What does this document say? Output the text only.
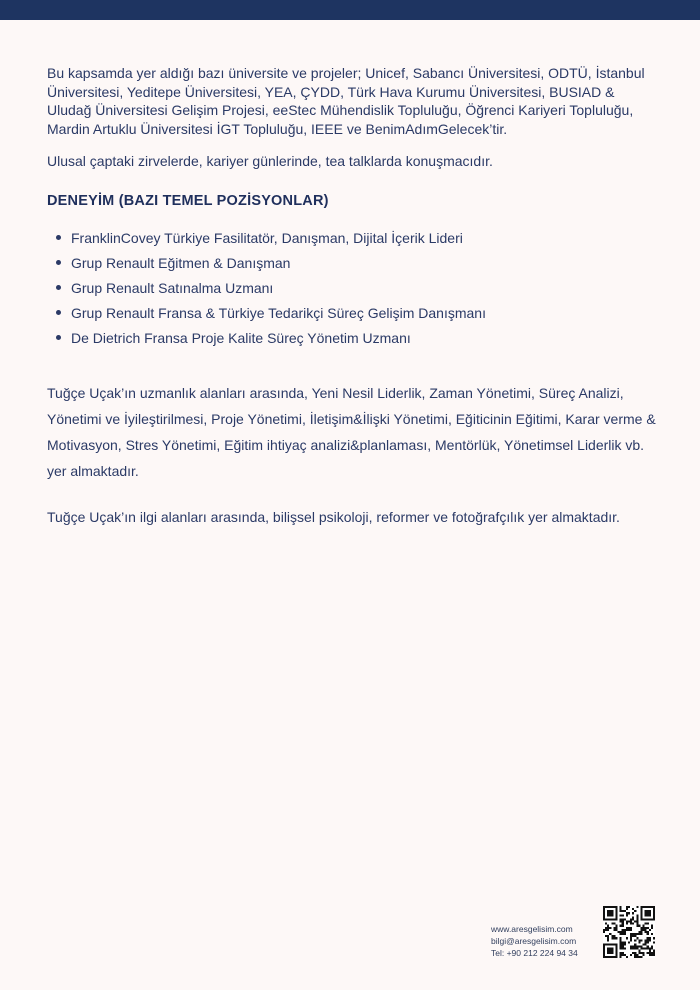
Bu kapsamda yer aldığı bazı üniversite ve projeler; Unicef, Sabancı Üniversitesi, ODTÜ, İstanbul Üniversitesi, Yeditepe Üniversitesi, YEA, ÇYDD, Türk Hava Kurumu Üniversitesi, BUSIAD & Uludağ Üniversitesi Gelişim Projesi, eeStec Mühendislik Topluluğu, Öğrenci Kariyeri Topluluğu, Mardin Artuklu Üniversitesi İGT Topluluğu, IEEE ve BenimAdımGelecek’tir.

Ulusal çaptaki zirvelerde, kariyer günlerinde, tea talklarda konuşmacıdır.

DENEYİM (BAZI TEMEL POZİSYONLAR)
FranklinCovey Türkiye Fasilitatör, Danışman, Dijital İçerik Lideri
Grup Renault Eğitmen & Danışman
Grup Renault Satınalma Uzmanı
Grup Renault Fransa & Türkiye Tedarikçi Süreç Gelişim Danışmanı
De Dietrich Fransa Proje Kalite Süreç Yönetim Uzmanı

Tuğçe Uçak’ın uzmanlık alanları arasında, Yeni Nesil Liderlik, Zaman Yönetimi, Süreç Analizi, Yönetimi ve İyileştirilmesi, Proje Yönetimi, İletişim&İlişki Yönetimi, Eğiticinin Eğitimi, Karar verme & Motivasyon, Stres Yönetimi, Eğitim ihtiyaç analizi&planlaması, Mentörlük, Yönetimsel Liderlik vb. yer almaktadır.

Tuğçe Uçak’ın ilgi alanları arasında, bilişsel psikoloji, reformer ve fotoğrafçılık yer almaktadır.

www.aresgelisim.com
bilgi@aresgelisim.com
Tel: +90 212 224 94 34
